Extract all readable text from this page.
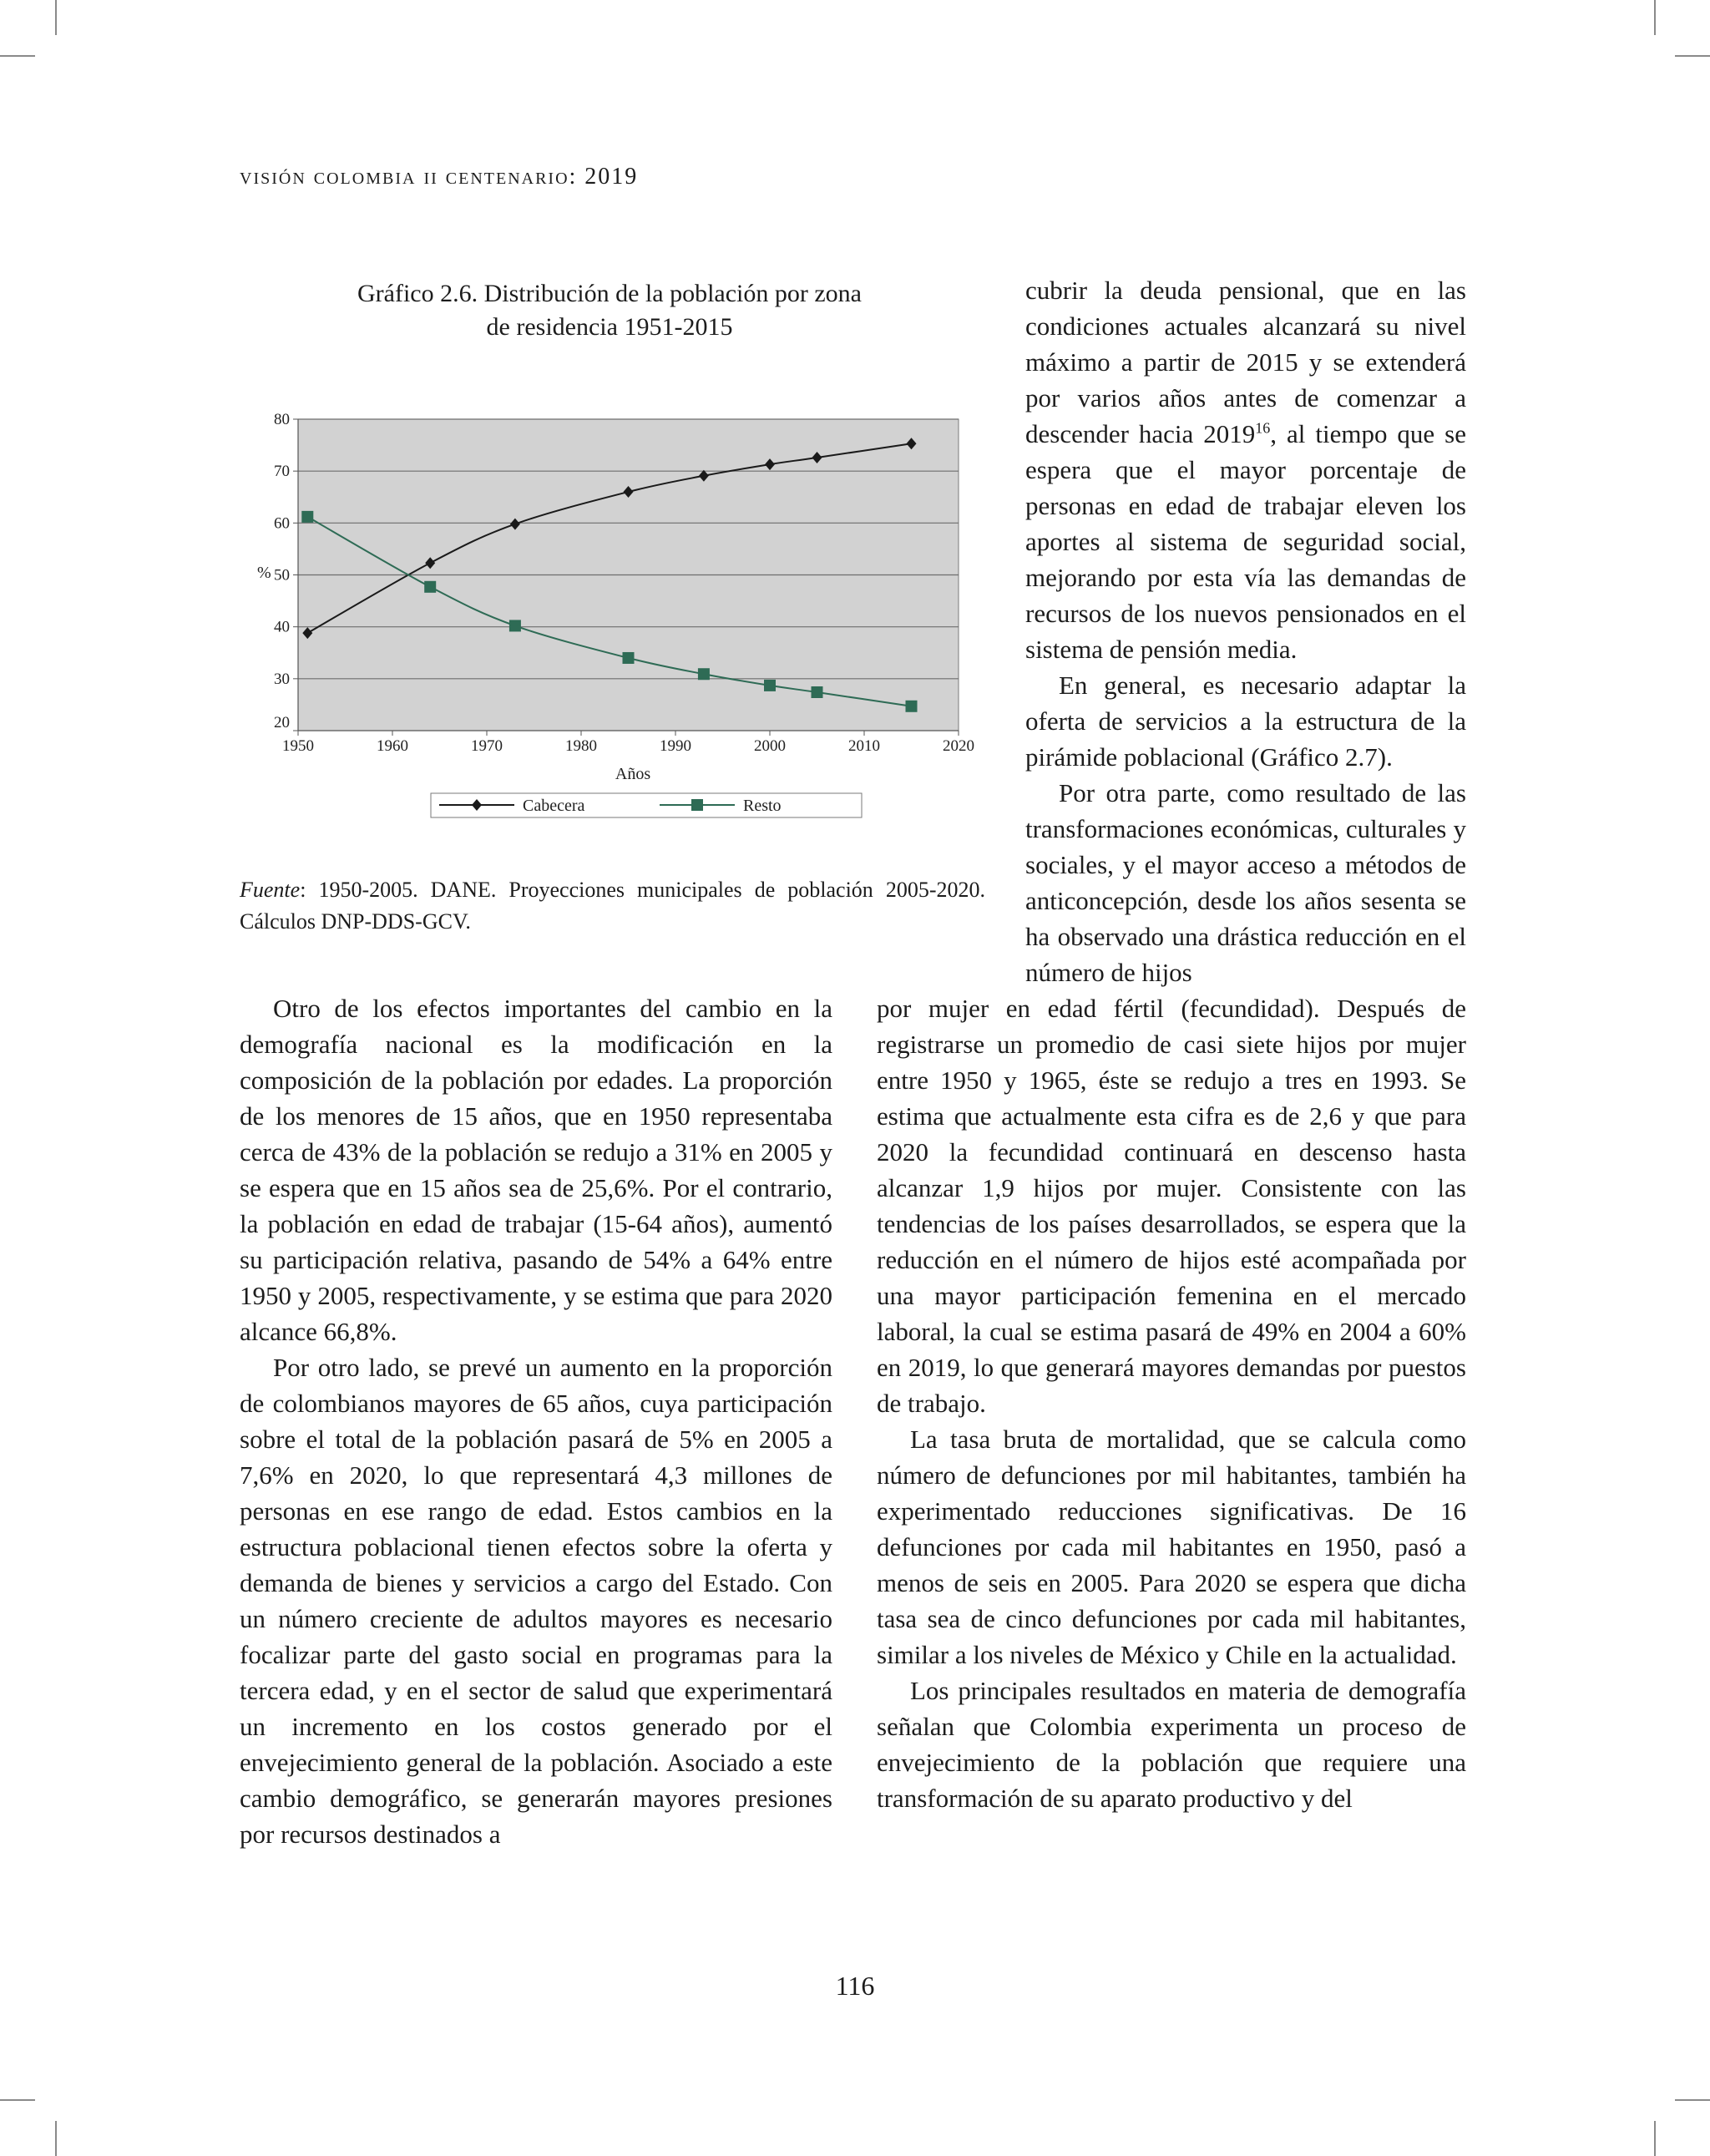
visión colombia ii centenario: 2019
Gráfico 2.6. Distribución de la población por zona
de residencia 1951-2015
20
30
40
50
60
70
80
1950	1960	1970	1980	1990	2000	2010	2020
%
Años
Cabecera	Resto
Fuente: 1950-2005. DANE. Proyecciones municipales de población 2005-2020. Cálculos DNP-DDS-GCV.

cubrir la deuda pensional, que en las condiciones actuales alcanzará su nivel máximo a partir de 2015 y se extenderá por varios años antes de comenzar a descender hacia 2019$^{16}$, al tiempo que se espera que el mayor porcentaje de personas en edad de trabajar eleven los aportes al sistema de seguridad social, mejorando por esta vía las demandas de recursos de los nuevos pensionados en el sistema de pensión media.

En general, es necesario adaptar la oferta de servicios a la estructura de la pirámide poblacional (Gráfico 2.7).

Por otra parte, como resultado de las transformaciones económicas, culturales y sociales, y el mayor acceso a métodos de anticoncepción, desde los años sesenta se ha observado una drástica reducción en el número de hijos

Otro de los efectos importantes del cambio en la demografía nacional es la modificación en la composición de la población por edades. La proporción de los menores de 15 años, que en 1950 representaba cerca de 43% de la población se redujo a 31% en 2005 y se espera que en 15 años sea de 25,6%. Por el contrario, la población en edad de trabajar (15-64 años), aumentó su participación relativa, pasando de 54% a 64% entre 1950 y 2005, respectivamente, y se estima que para 2020 alcance 66,8%.

Por otro lado, se prevé un aumento en la proporción de colombianos mayores de 65 años, cuya participación sobre el total de la población pasará de 5% en 2005 a 7,6% en 2020, lo que representará 4,3 millones de personas en ese rango de edad. Estos cambios en la estructura poblacional tienen efectos sobre la oferta y demanda de bienes y servicios a cargo del Estado. Con un número creciente de adultos mayores es necesario focalizar parte del gasto social en programas para la tercera edad, y en el sector de salud que experimentará un incremento en los costos generado por el envejecimiento general de la población. Asociado a este cambio demográfico, se generarán mayores presiones por recursos destinados a

por mujer en edad fértil (fecundidad). Después de registrarse un promedio de casi siete hijos por mujer entre 1950 y 1965, éste se redujo a tres en 1993. Se estima que actualmente esta cifra es de 2,6 y que para 2020 la fecundidad continuará en descenso hasta alcanzar 1,9 hijos por mujer. Consistente con las tendencias de los países desarrollados, se espera que la reducción en el número de hijos esté acompañada por una mayor participación femenina en el mercado laboral, la cual se estima pasará de 49% en 2004 a 60% en 2019, lo que generará mayores demandas por puestos de trabajo.

La tasa bruta de mortalidad, que se calcula como número de defunciones por mil habitantes, también ha experimentado reducciones significativas. De 16 defunciones por cada mil habitantes en 1950, pasó a menos de seis en 2005. Para 2020 se espera que dicha tasa sea de cinco defunciones por cada mil habitantes, similar a los niveles de México y Chile en la actualidad.

Los principales resultados en materia de demografía señalan que Colombia experimenta un proceso de envejecimiento de la población que requiere una transformación de su aparato productivo y del

116
